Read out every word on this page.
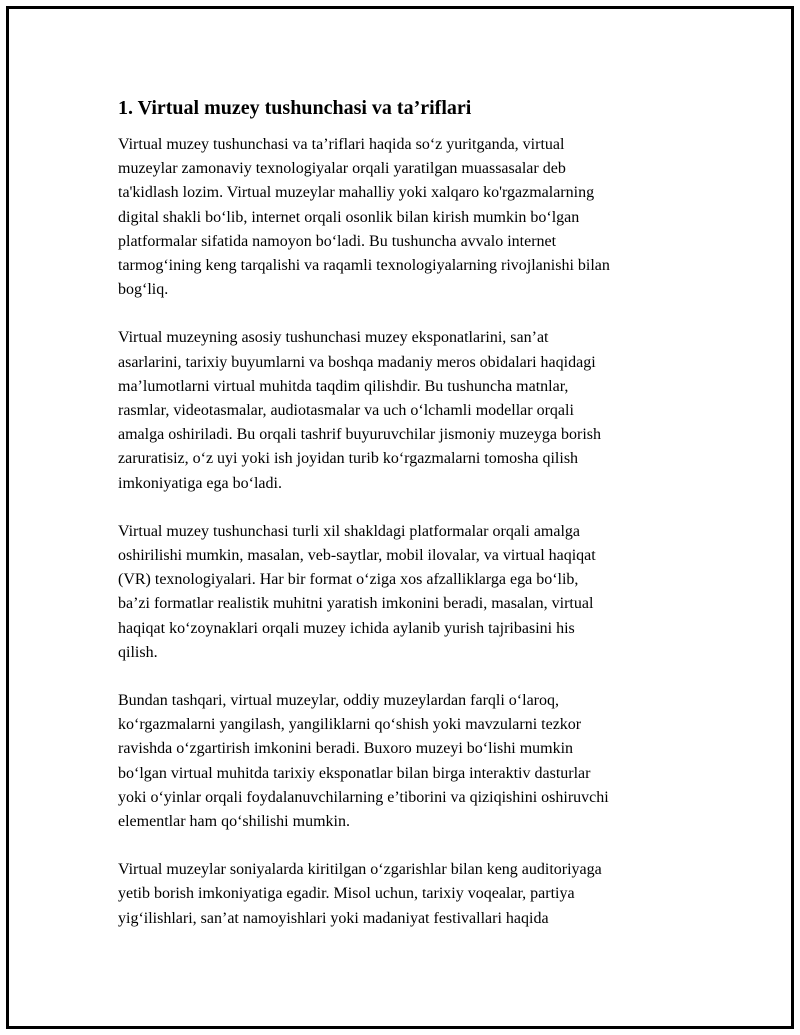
1. Virtual muzey tushunchasi va ta’riflari

Virtual muzey tushunchasi va ta’riflari haqida so‘z yuritganda, virtual
muzeylar zamonaviy texnologiyalar orqali yaratilgan muassasalar deb
ta'kidlash lozim. Virtual muzeylar mahalliy yoki xalqaro ko'rgazmalarning
digital shakli bo‘lib, internet orqali osonlik bilan kirish mumkin bo‘lgan
platformalar sifatida namoyon bo‘ladi. Bu tushuncha avvalo internet
tarmog‘ining keng tarqalishi va raqamli texnologiyalarning rivojlanishi bilan
bog‘liq.

Virtual muzeyning asosiy tushunchasi muzey eksponatlarini, san’at
asarlarini, tarixiy buyumlarni va boshqa madaniy meros obidalari haqidagi
ma’lumotlarni virtual muhitda taqdim qilishdir. Bu tushuncha matnlar,
rasmlar, videotasmalar, audiotasmalar va uch o‘lchamli modellar orqali
amalga oshiriladi. Bu orqali tashrif buyuruvchilar jismoniy muzeyga borish
zaruratisiz, o‘z uyi yoki ish joyidan turib ko‘rgazmalarni tomosha qilish
imkoniyatiga ega bo‘ladi.

Virtual muzey tushunchasi turli xil shakldagi platformalar orqali amalga
oshirilishi mumkin, masalan, veb-saytlar, mobil ilovalar, va virtual haqiqat
(VR) texnologiyalari. Har bir format o‘ziga xos afzalliklarga ega bo‘lib,
ba’zi formatlar realistik muhitni yaratish imkonini beradi, masalan, virtual
haqiqat ko‘zoynaklari orqali muzey ichida aylanib yurish tajribasini his
qilish.

Bundan tashqari, virtual muzeylar, oddiy muzeylardan farqli o‘laroq,
ko‘rgazmalarni yangilash, yangiliklarni qo‘shish yoki mavzularni tezkor
ravishda o‘zgartirish imkonini beradi. Buxoro muzeyi bo‘lishi mumkin
bo‘lgan virtual muhitda tarixiy eksponatlar bilan birga interaktiv dasturlar
yoki o‘yinlar orqali foydalanuvchilarning e’tiborini va qiziqishini oshiruvchi
elementlar ham qo‘shilishi mumkin.

Virtual muzeylar soniyalarda kiritilgan o‘zgarishlar bilan keng auditoriyaga
yetib borish imkoniyatiga egadir. Misol uchun, tarixiy voqealar, partiya
yig‘ilishlari, san’at namoyishlari yoki madaniyat festivallari haqida
